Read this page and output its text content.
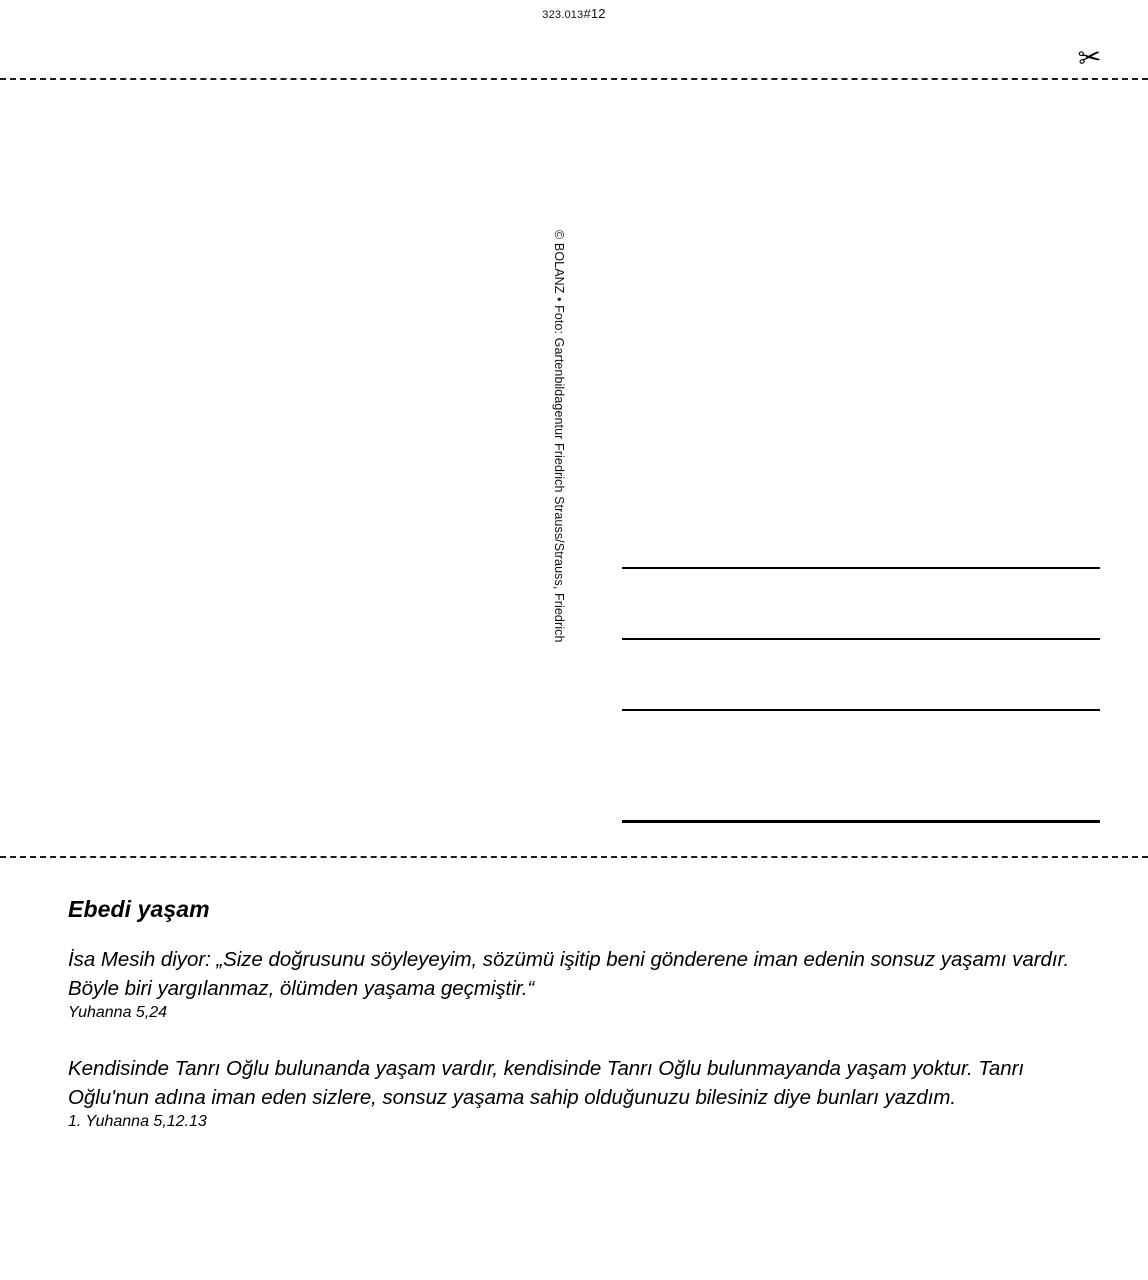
323.013#12
✂
© BOLANZ • Foto: Gartenbildagentur Friedrich Strauss/Strauss, Friedrich
Ebedi yaşam

İsa Mesih diyor: „Size doğrusunu söyleyeyim, sözümü işitip beni gönderene iman edenin sonsuz yaşamı vardır. Böyle biri yargılanmaz, ölümden yaşama geçmiştir.“

Yuhanna 5,24

Kendisinde Tanrı Oğlu bulunanda yaşam vardır, kendisinde Tanrı Oğlu bulunmayanda yaşam yoktur. Tanrı Oğlu'nun adına iman eden sizlere, sonsuz yaşama sahip olduğunuzu bilesiniz diye bunları yazdım.

1. Yuhanna 5,12.13
